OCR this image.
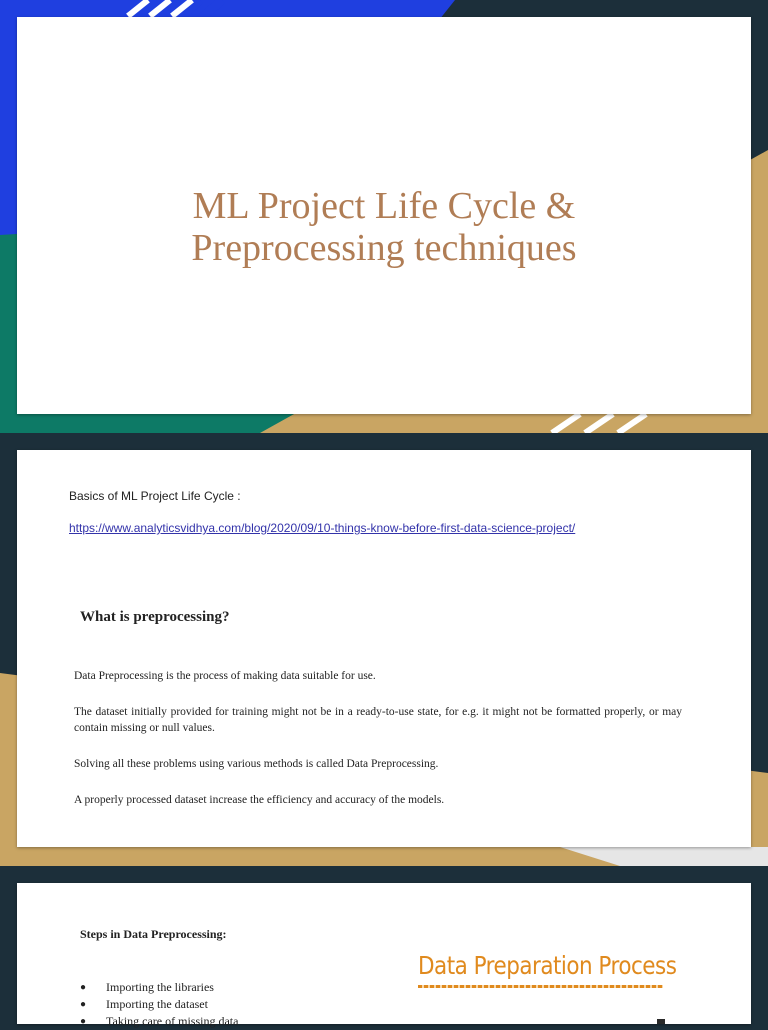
ML Project Life Cycle &
Preprocessing techniques
Basics of ML Project Life Cycle :
https://www.analyticsvidhya.com/blog/2020/09/10-things-know-before-first-data-science-project/
What is preprocessing?
Data Preprocessing is the process of making data suitable for use.
The dataset initially provided for training might not be in a ready-to-use state, for e.g. it might not be formatted properly, or may contain missing or null values.
Solving all these problems using various methods is called Data Preprocessing.
A properly processed dataset increase the efficiency and accuracy of the models.
Steps in Data Preprocessing:
● Importing the libraries
● Importing the dataset
● Taking care of missing data
Data Preparation Process
